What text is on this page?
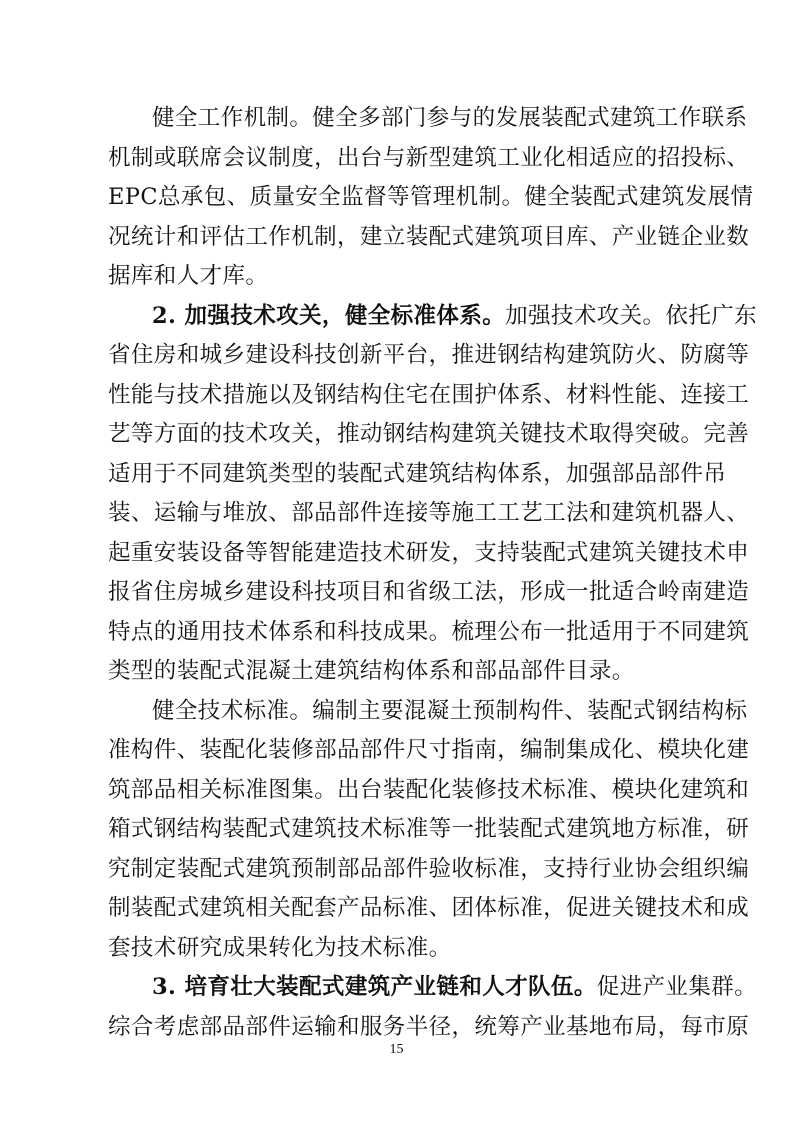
健全工作机制。健全多部门参与的发展装配式建筑工作联系
机制或联席会议制度，出台与新型建筑工业化相适应的招投标、
EPC总承包、质量安全监督等管理机制。健全装配式建筑发展情
况统计和评估工作机制，建立装配式建筑项目库、产业链企业数
据库和人才库。
2. 加强技术攻关，健全标准体系。加强技术攻关。依托广东
省住房和城乡建设科技创新平台，推进钢结构建筑防火、防腐等
性能与技术措施以及钢结构住宅在围护体系、材料性能、连接工
艺等方面的技术攻关，推动钢结构建筑关键技术取得突破。完善
适用于不同建筑类型的装配式建筑结构体系，加强部品部件吊
装、运输与堆放、部品部件连接等施工工艺工法和建筑机器人、
起重安装设备等智能建造技术研发，支持装配式建筑关键技术申
报省住房城乡建设科技项目和省级工法，形成一批适合岭南建造
特点的通用技术体系和科技成果。梳理公布一批适用于不同建筑
类型的装配式混凝土建筑结构体系和部品部件目录。
健全技术标准。编制主要混凝土预制构件、装配式钢结构标
准构件、装配化装修部品部件尺寸指南，编制集成化、模块化建
筑部品相关标准图集。出台装配化装修技术标准、模块化建筑和
箱式钢结构装配式建筑技术标准等一批装配式建筑地方标准，研
究制定装配式建筑预制部品部件验收标准，支持行业协会组织编
制装配式建筑相关配套产品标准、团体标准，促进关键技术和成
套技术研究成果转化为技术标准。
3. 培育壮大装配式建筑产业链和人才队伍。促进产业集群。
15
综合考虑部品部件运输和服务半径，统筹产业基地布局，每市原
